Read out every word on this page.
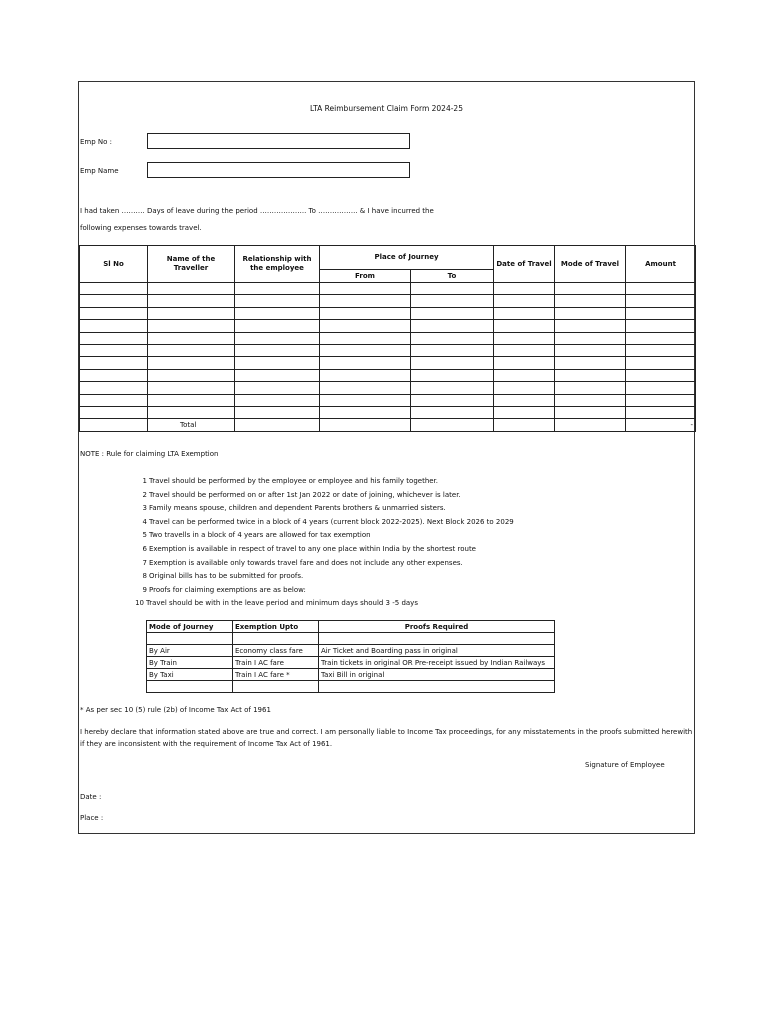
LTA Reimbursement Claim Form 2024-25
Emp No :
Emp Name
I had taken ………. Days of leave during the period ……………….. To …………….. & I have incurred the
following expenses towards travel.
Sl No	Name of the Traveller	Relationship with the employee	Place of Journey		Date of Travel	Mode of Travel	Amount
			From	To			

	Total						-
NOTE : Rule for claiming LTA Exemption
1 Travel should be performed by the employee or employee and his family together.
2 Travel should be performed on or after 1st Jan 2022 or date of joining, whichever is later.
3 Family means spouse, children and dependent Parents brothers & unmarried sisters.
4 Travel can be performed twice in a block of 4 years (current block 2022-2025). Next Block 2026 to 2029
5 Two travells in a block of 4 years are allowed for tax exemption
6 Exemption is available in respect of travel to any one place within India by the shortest route
7 Exemption is available only towards travel fare and does not include any other expenses.
8 Original bills has to be submitted for proofs.
9 Proofs for claiming exemptions are as below:
10 Travel should be with in the leave period and minimum days should 3 -5 days
Mode of Journey	Exemption Upto	Proofs Required

By Air	Economy class fare	Air Ticket and Boarding pass in original
By Train	Train I AC fare	Train tickets in original OR Pre-receipt issued by Indian Railways
By Taxi	Train I AC fare *	Taxi Bill in original

* As per sec 10 (5) rule (2b) of Income Tax Act of 1961
I hereby declare that information stated above are true and correct. I am personally liable to Income Tax proceedings, for any misstatements in the proofs submitted herewith if they are inconsistent with the requirement of Income Tax Act of 1961.
Signature of Employee
Date :
Place :
